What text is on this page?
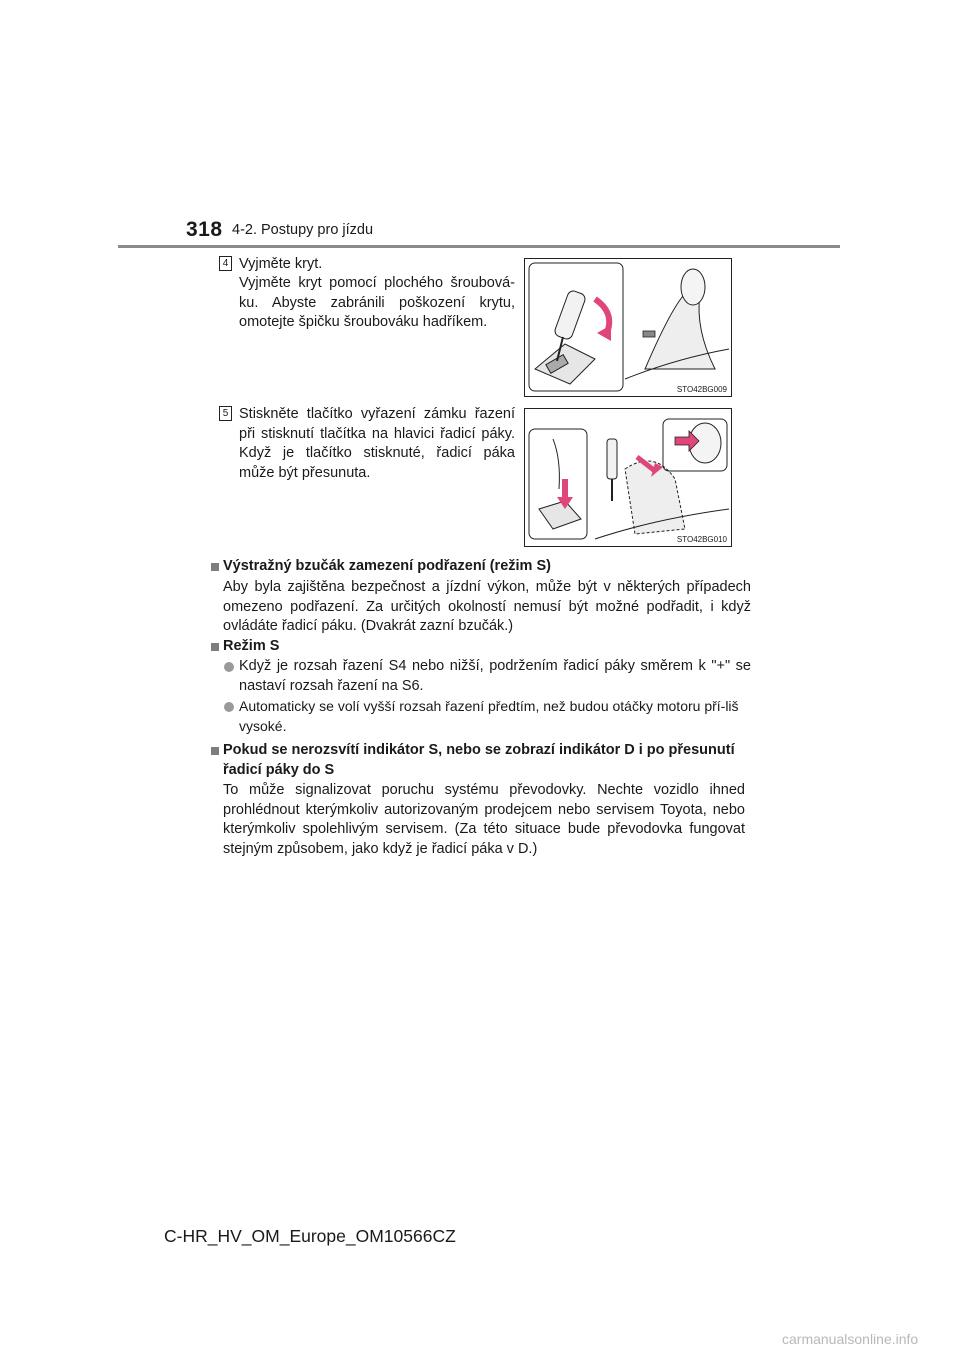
318 4-2. Postupy pro jízdu
4 Vyjměte kryt.
Vyjměte kryt pomocí plochého šroubová-ku. Abyste zabránili poškození krytu, omotejte špičku šroubováku hadříkem.
STO42BG009
5 Stiskněte tlačítko vyřazení zámku řazení při stisknutí tlačítka na hlavici řadicí páky. Když je tlačítko stisknuté, řadicí páka může být přesunuta.
STO42BG010
Výstražný bzučák zamezení podřazení (režim S)
Aby byla zajištěna bezpečnost a jízdní výkon, může být v některých případech omezeno podřazení. Za určitých okolností nemusí být možné podřadit, i když ovládáte řadicí páku. (Dvakrát zazní bzučák.)
Režim S
Když je rozsah řazení S4 nebo nižší, podržením řadicí páky směrem k "+" se nastaví rozsah řazení na S6.
Automaticky se volí vyšší rozsah řazení předtím, než budou otáčky motoru pří-liš vysoké.
Pokud se nerozsvítí indikátor S, nebo se zobrazí indikátor D i po přesunutí řadicí páky do S
To může signalizovat poruchu systému převodovky. Nechte vozidlo ihned prohlédnout kterýmkoliv autorizovaným prodejcem nebo servisem Toyota, nebo kterýmkoliv spolehlivým servisem. (Za této situace bude převodovka fungovat stejným způsobem, jako když je řadicí páka v D.)
C-HR_HV_OM_Europe_OM10566CZ
carmanualsonline.info
